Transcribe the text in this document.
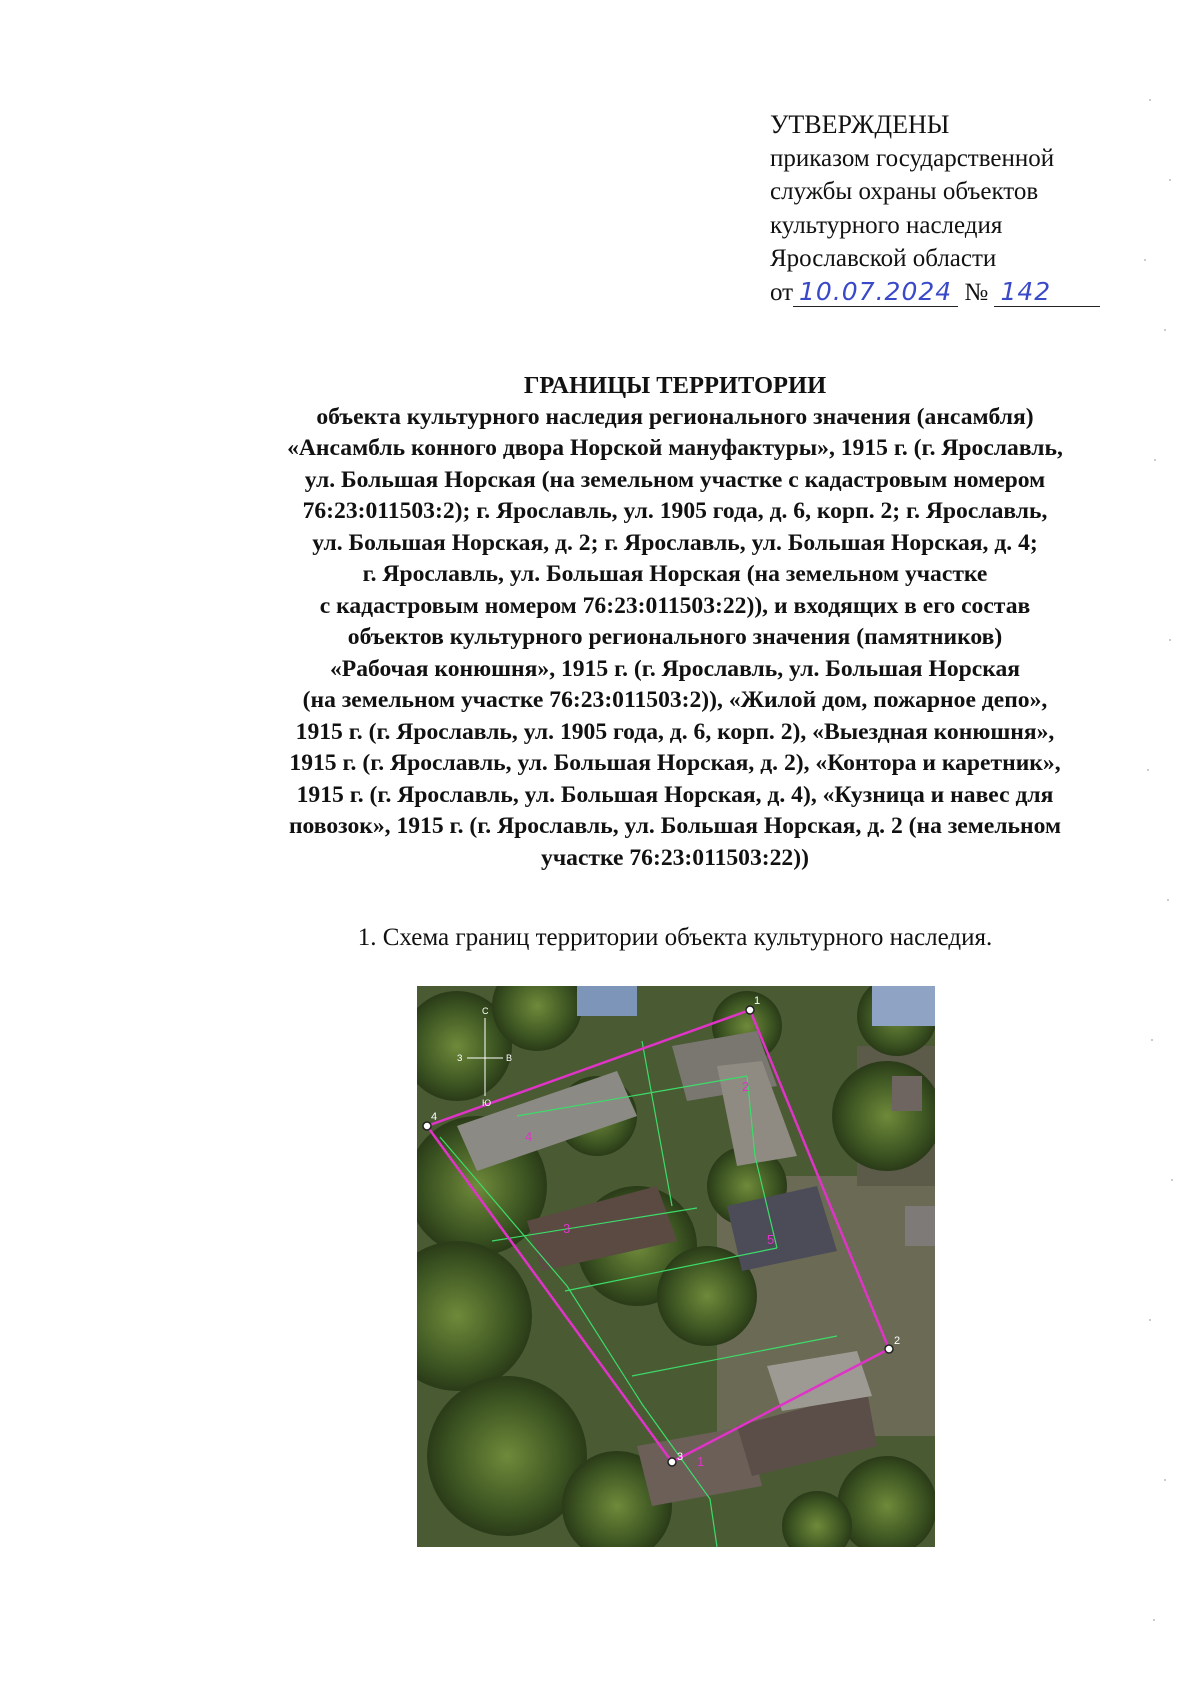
УТВЕРЖДЕНЫ
приказом государственной
службы охраны объектов
культурного наследия
Ярославской области
от 10.07.2024 № 142
ГРАНИЦЫ ТЕРРИТОРИИ
объекта культурного наследия регионального значения (ансамбля)
«Ансамбль конного двора Норской мануфактуры», 1915 г. (г. Ярославль,
ул. Большая Норская (на земельном участке с кадастровым номером
76:23:011503:2); г. Ярославль, ул. 1905 года, д. 6, корп. 2; г. Ярославль,
ул. Большая Норская, д. 2; г. Ярославль, ул. Большая Норская, д. 4;
г. Ярославль, ул. Большая Норская (на земельном участке
с кадастровым номером 76:23:011503:22)), и входящих в его состав
объектов культурного регионального значения (памятников)
«Рабочая конюшня», 1915 г. (г. Ярославль, ул. Большая Норская
(на земельном участке 76:23:011503:2)), «Жилой дом, пожарное депо»,
1915 г. (г. Ярославль, ул. 1905 года, д. 6, корп. 2), «Выездная конюшня»,
1915 г. (г. Ярославль, ул. Большая Норская, д. 2), «Контора и каретник»,
1915 г. (г. Ярославль, ул. Большая Норская, д. 4), «Кузница и навес для
повозок», 1915 г. (г. Ярославль, ул. Большая Норская, д. 2 (на земельном
участке 76:23:011503:22))
1. Схема границ территории объекта культурного наследия.
1
2
3
4
1
2
3
4
5
С
Ю
З	В
